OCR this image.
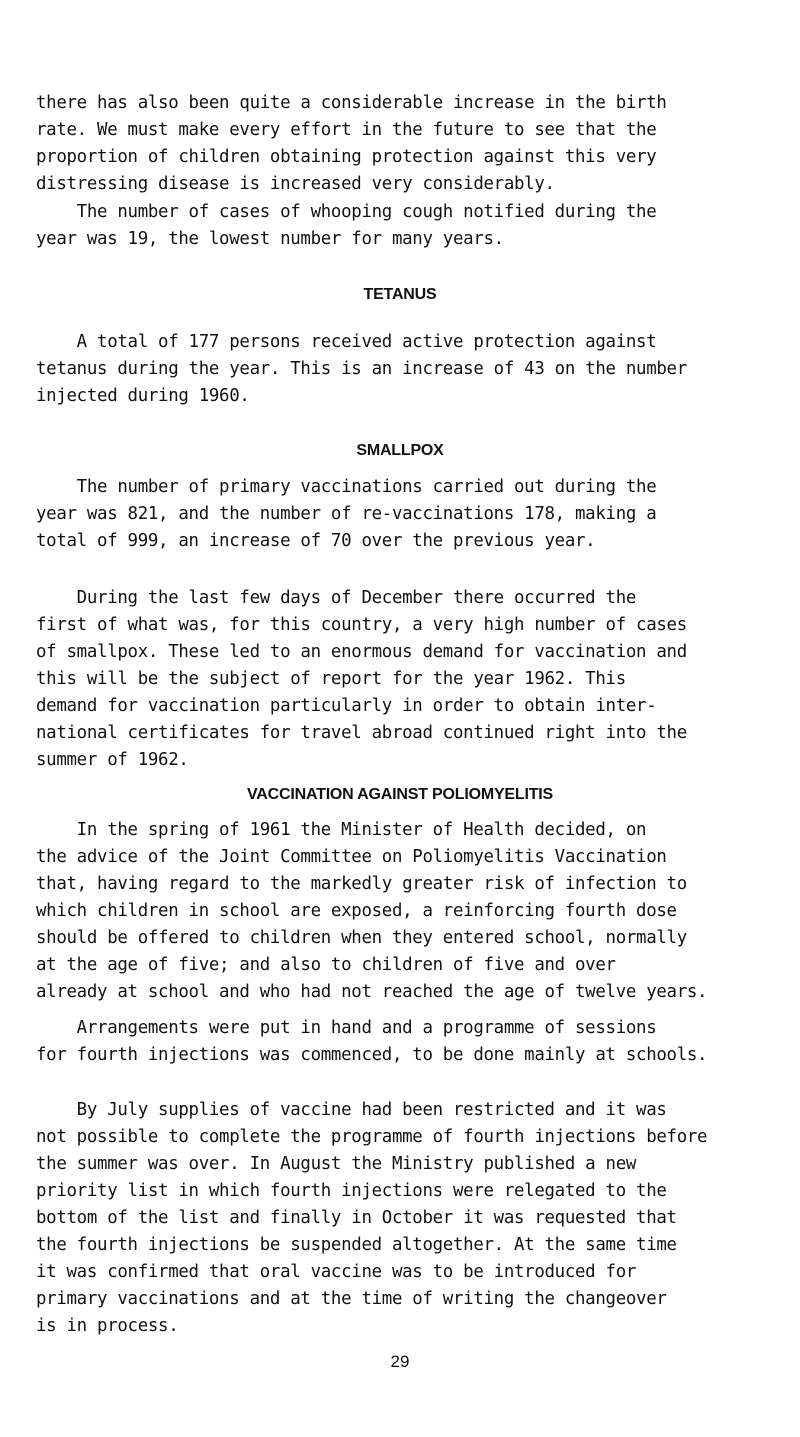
there has also been quite a considerable increase in the birth
rate. We must make every effort in the future to see that the
proportion of children obtaining protection against this very
distressing disease is increased very considerably.

The number of cases of whooping cough notified during the
year was 19, the lowest number for many years.

TETANUS

A total of 177 persons received active protection against
tetanus during the year. This is an increase of 43 on the number
injected during 1960.

SMALLPOX

The number of primary vaccinations carried out during the
year was 821, and the number of re-vaccinations 178, making a
total of 999, an increase of 70 over the previous year.

During the last few days of December there occurred the
first of what was, for this country, a very high number of cases
of smallpox. These led to an enormous demand for vaccination and
this will be the subject of report for the year 1962. This
demand for vaccination particularly in order to obtain inter-
national certificates for travel abroad continued right into the
summer of 1962.

VACCINATION AGAINST POLIOMYELITIS

In the spring of 1961 the Minister of Health decided, on
the advice of the Joint Committee on Poliomyelitis Vaccination
that, having regard to the markedly greater risk of infection to
which children in school are exposed, a reinforcing fourth dose
should be offered to children when they entered school, normally
at the age of five; and also to children of five and over
already at school and who had not reached the age of twelve years.

Arrangements were put in hand and a programme of sessions
for fourth injections was commenced, to be done mainly at schools.

By July supplies of vaccine had been restricted and it was
not possible to complete the programme of fourth injections before
the summer was over. In August the Ministry published a new
priority list in which fourth injections were relegated to the
bottom of the list and finally in October it was requested that
the fourth injections be suspended altogether. At the same time
it was confirmed that oral vaccine was to be introduced for
primary vaccinations and at the time of writing the changeover
is in process.

29
